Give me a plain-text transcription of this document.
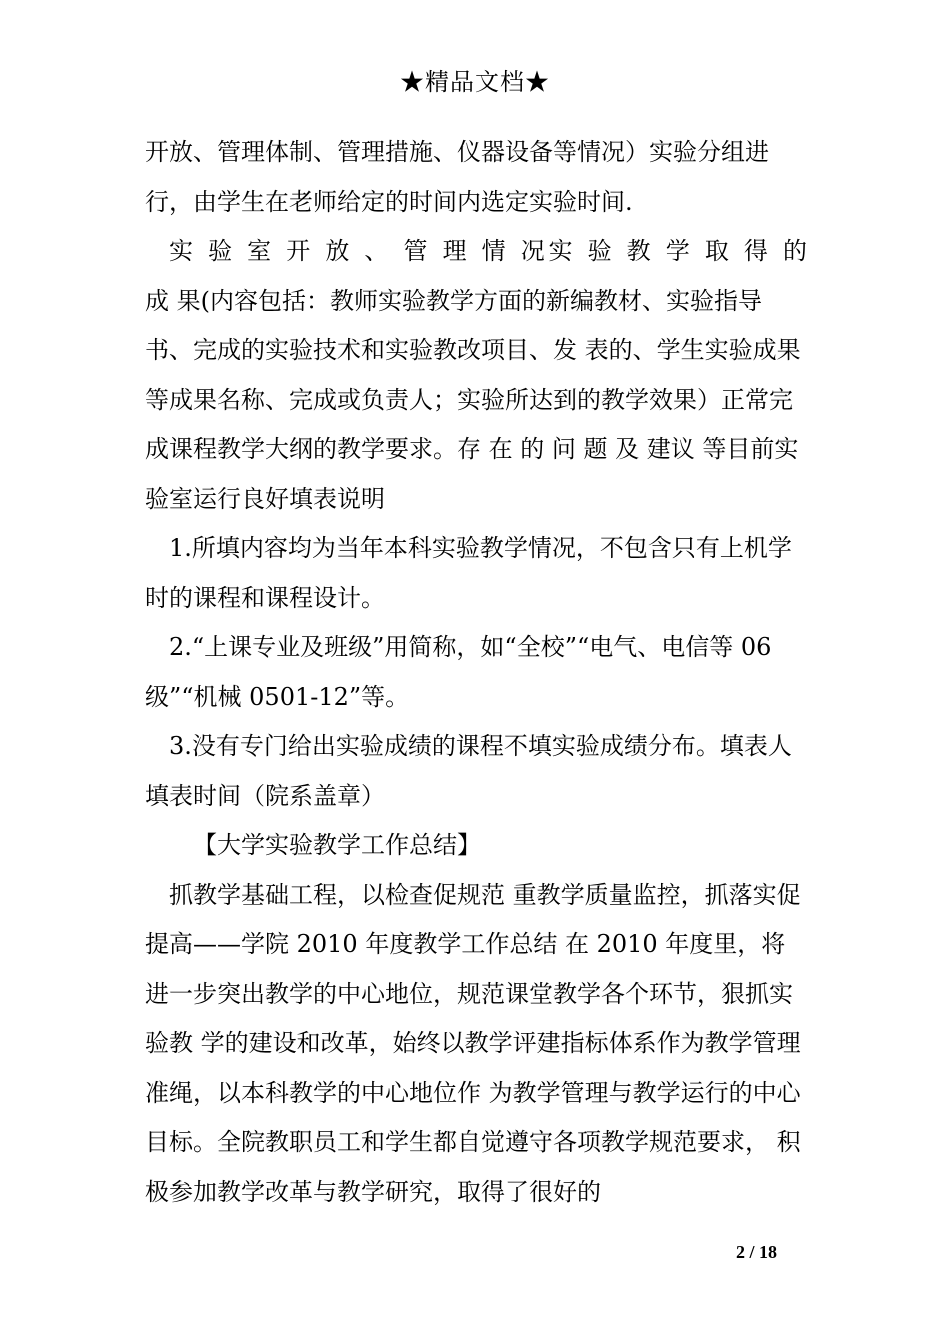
★精品文档★

开放、管理体制、管理措施、仪器设备等情况）实验分组进行，由学生在老师给定的时间内选定实验时间.

实 验 室 开 放 、 管 理 情 况实 验 教 学 取 得 的

成 果(内容包括：教师实验教学方面的新编教材、实验指导书、完成的实验技术和实验教改项目、发 表的、学生实验成果等成果名称、完成或负责人；实验所达到的教学效果）正常完成课程教学大纲的教学要求。存 在 的 问 题 及 建议 等目前实验室运行良好填表说明

1.所填内容均为当年本科实验教学情况，不包含只有上机学时的课程和课程设计。

2.“上课专业及班级”用简称，如“全校”“电气、电信等 06 级”“机械 0501-12”等。

3.没有专门给出实验成绩的课程不填实验成绩分布。填表人 填表时间（院系盖章）

【大学实验教学工作总结】

抓教学基础工程，以检查促规范 重教学质量监控，抓落实促提高——学院 2010 年度教学工作总结 在 2010 年度里，将进一步突出教学的中心地位，规范课堂教学各个环节，狠抓实验教 学的建设和改革，始终以教学评建指标体系作为教学管理准绳，以本科教学的中心地位作 为教学管理与教学运行的中心目标。全院教职员工和学生都自觉遵守各项教学规范要求， 积极参加教学改革与教学研究，取得了很好的

2 / 18
